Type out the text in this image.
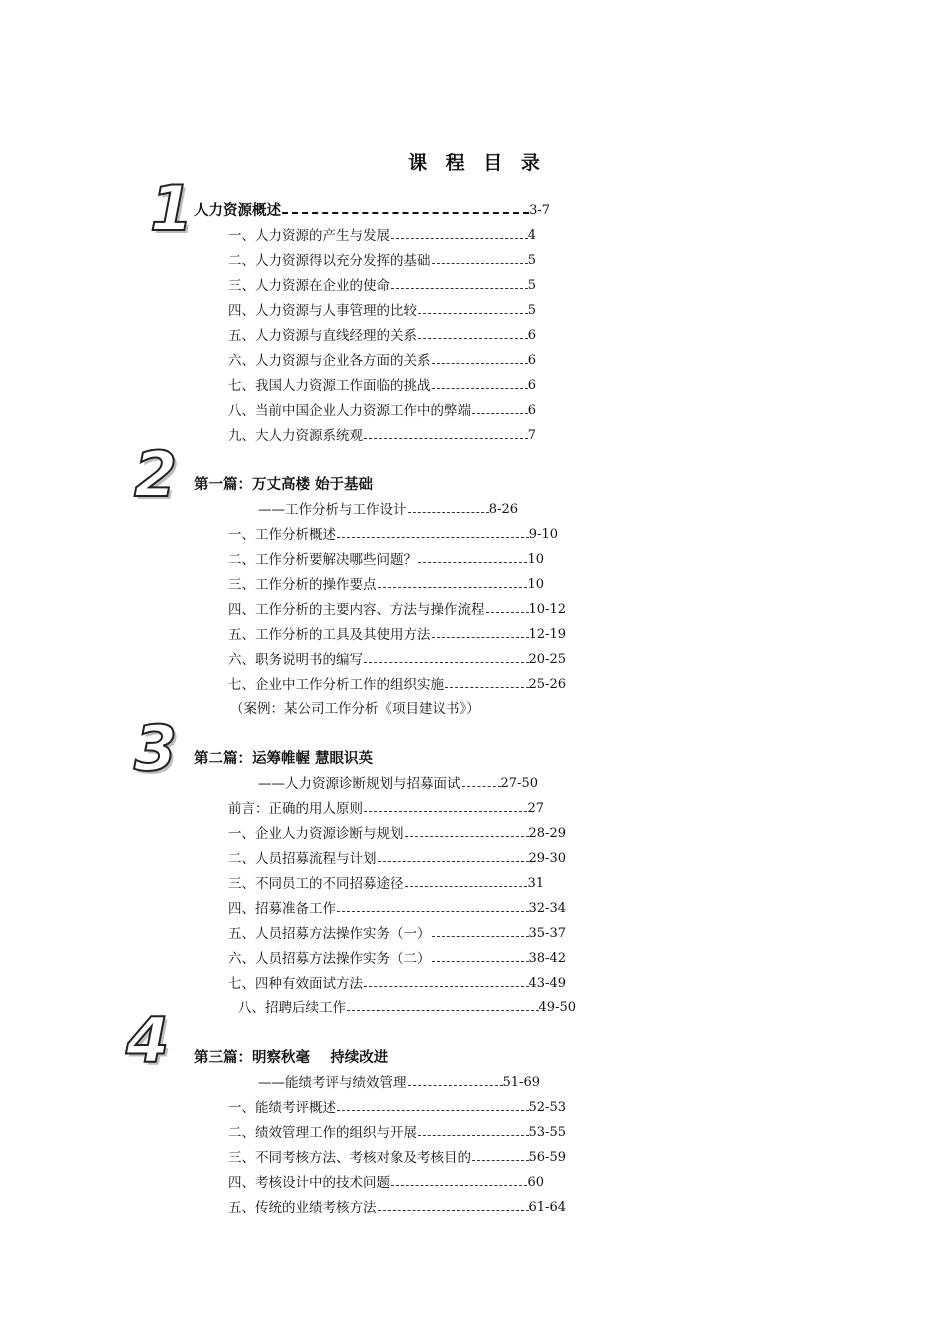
课 程 目 录
1 人力资源概述	3-7
一、人力资源的产生与发展	4
二、人力资源得以充分发挥的基础	5
三、人力资源在企业的使命	5
四、人力资源与人事管理的比较	5
五、人力资源与直线经理的关系	6
六、人力资源与企业各方面的关系	6
七、我国人力资源工作面临的挑战	6
八、当前中国企业人力资源工作中的弊端	6
九、大人力资源系统观	7
2	第一篇：万丈高楼 始于基础
——工作分析与工作设计	8-26
一、工作分析概述	9-10
二、工作分析要解决哪些问题？	10
三、工作分析的操作要点	10
四、工作分析的主要内容、方法与操作流程	10-12
五、工作分析的工具及其使用方法	12-19
六、职务说明书的编写	20-25
七、企业中工作分析工作的组织实施	25-26
（案例：某公司工作分析《项目建议书》）
3	第二篇：运筹帷幄 慧眼识英
——人力资源诊断规划与招募面试	27-50
前言：正确的用人原则	27
一、企业人力资源诊断与规划	28-29
二、人员招募流程与计划	29-30
三、不同员工的不同招募途径	31
四、招募准备工作	32-34
五、人员招募方法操作实务（一）	35-37
六、人员招募方法操作实务（二）	38-42
七、四种有效面试方法	43-49
八、招聘后续工作	49-50
4	第三篇：明察秋毫    持续改进
——能绩考评与绩效管理	51-69
一、能绩考评概述	52-53
二、绩效管理工作的组织与开展	53-55
三、不同考核方法、考核对象及考核目的	56-59
四、考核设计中的技术问题	60
五、传统的业绩考核方法	61-64
